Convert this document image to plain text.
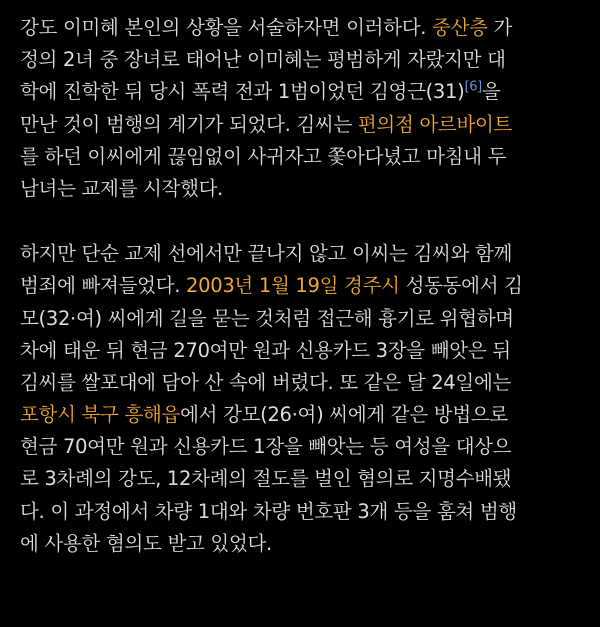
강도 이미혜 본인의 상황을 서술하자면 이러하다. 중산층 가
정의 2녀 중 장녀로 태어난 이미혜는 평범하게 자랐지만 대
학에 진학한 뒤 당시 폭력 전과 1범이었던 김영근(31)[6]을
만난 것이 범행의 계기가 되었다. 김씨는 편의점 아르바이트
를 하던 이씨에게 끊임없이 사귀자고 쫓아다녔고 마침내 두
남녀는 교제를 시작했다.
하지만 단순 교제 선에서만 끝나지 않고 이씨는 김씨와 함께
범죄에 빠져들었다. 2003년 1월 19일 경주시 성동동에서 김
모(32·여) 씨에게 길을 묻는 것처럼 접근해 흉기로 위협하며
차에 태운 뒤 현금 270여만 원과 신용카드 3장을 빼앗은 뒤
김씨를 쌀포대에 담아 산 속에 버렸다. 또 같은 달 24일에는
포항시 북구 흥해읍에서 강모(26·여) 씨에게 같은 방법으로
현금 70여만 원과 신용카드 1장을 빼앗는 등 여성을 대상으
로 3차례의 강도, 12차례의 절도를 벌인 혐의로 지명수배됐
다. 이 과정에서 차량 1대와 차량 번호판 3개 등을 훔쳐 범행
에 사용한 혐의도 받고 있었다.
